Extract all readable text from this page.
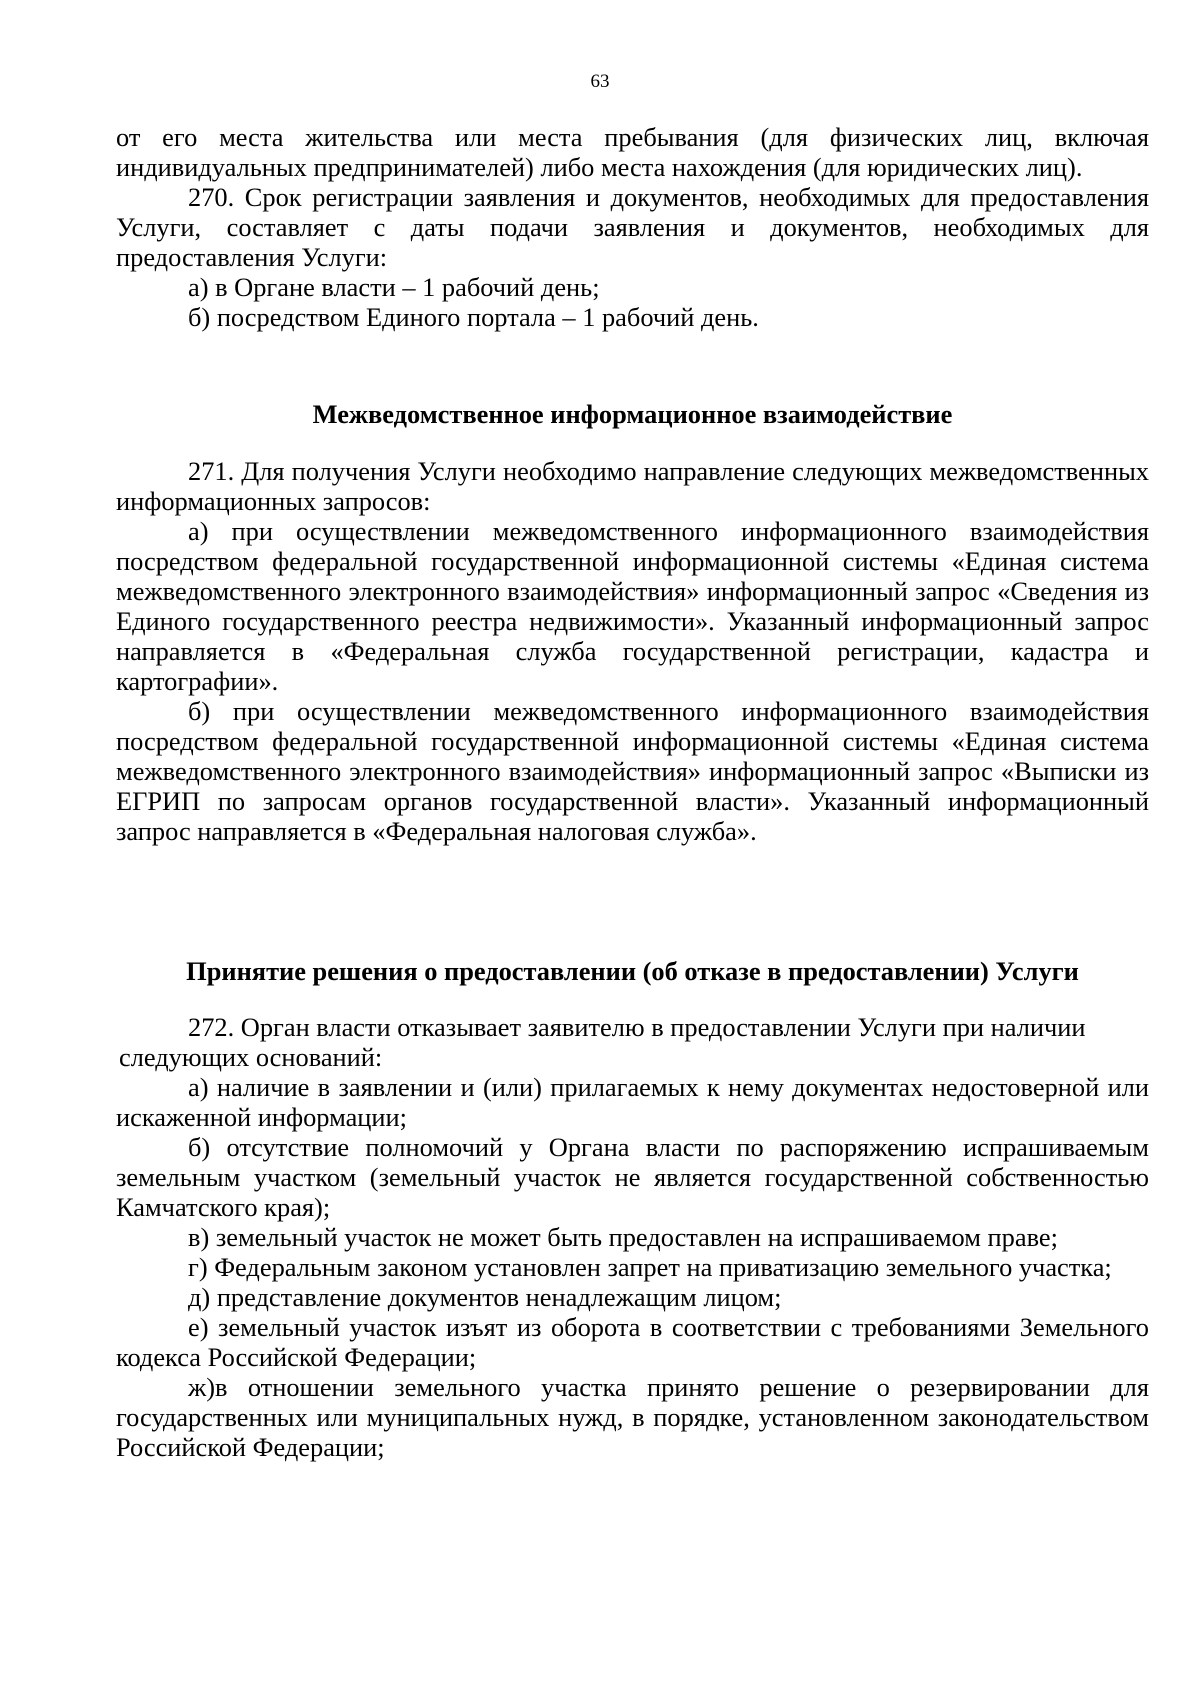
63

от его места жительства или места пребывания (для физических лиц, включая индивидуальных предпринимателей) либо места нахождения (для юридических лиц).

270. Срок регистрации заявления и документов, необходимых для предоставления Услуги, составляет с даты подачи заявления и документов, необходимых для предоставления Услуги:

а) в Органе власти – 1 рабочий день;

б) посредством Единого портала – 1 рабочий день.

Межведомственное информационное взаимодействие

271. Для получения Услуги необходимо направление следующих межведомственных информационных запросов:

а) при осуществлении межведомственного информационного взаимодействия посредством федеральной государственной информационной системы «Единая система межведомственного электронного взаимодействия» информационный запрос «Сведения из Единого государственного реестра недвижимости». Указанный информационный запрос направляется в «Федеральная служба государственной регистрации, кадастра и картографии».

б) при осуществлении межведомственного информационного взаимодействия посредством федеральной государственной информационной системы «Единая система межведомственного электронного взаимодействия» информационный запрос «Выписки из ЕГРИП по запросам органов государственной власти». Указанный информационный запрос направляется в «Федеральная налоговая служба».

Принятие решения о предоставлении (об отказе в предоставлении) Услуги

272. Орган власти отказывает заявителю в предоставлении Услуги при наличии

следующих оснований:

а) наличие в заявлении и (или) прилагаемых к нему документах недостоверной или искаженной информации;

б) отсутствие полномочий у Органа власти по распоряжению испрашиваемым земельным участком (земельный участок не является государственной собственностью Камчатского края);

в) земельный участок не может быть предоставлен на испрашиваемом праве;

г) Федеральным законом установлен запрет на приватизацию земельного участка;

д) представление документов ненадлежащим лицом;

е) земельный участок изъят из оборота в соответствии с требованиями Земельного кодекса Российской Федерации;

ж)в отношении земельного участка принято решение о резервировании для государственных или муниципальных нужд, в порядке, установленном законодательством Российской Федерации;
